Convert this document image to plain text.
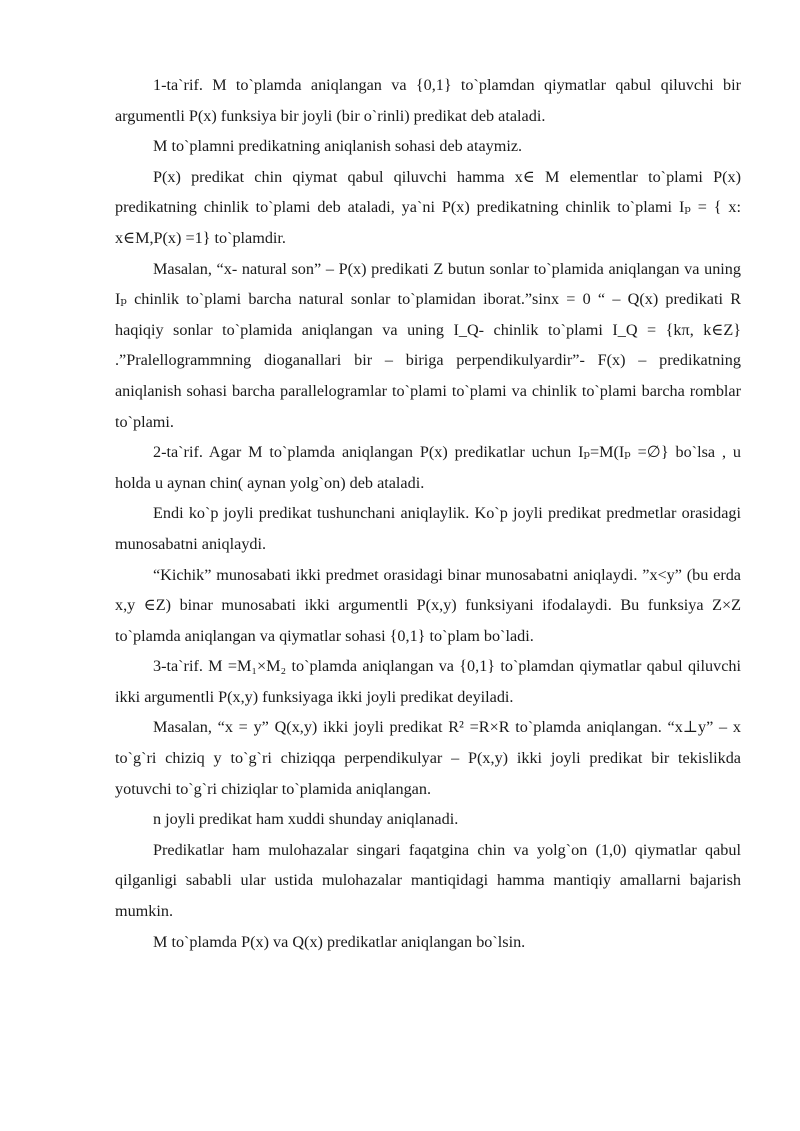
1-ta`rif. M to`plamda aniqlangan va {0,1} to`plamdan qiymatlar qabul qiluvchi bir argumentli P(x) funksiya bir joyli (bir o`rinli) predikat deb ataladi.

M to`plamni predikatning aniqlanish sohasi deb ataymiz.

P(x) predikat chin qiymat qabul qiluvchi hamma x∈ M elementlar to`plami P(x) predikatning chinlik to`plami deb ataladi, ya`ni P(x) predikatning chinlik to`plami Iₚ = { x: x∈M,P(x) =1} to`plamdir.

Masalan, “x- natural son” – P(x) predikati Z butun sonlar to`plamida aniqlangan va uning Iₚ chinlik to`plami barcha natural sonlar to`plamidan iborat.”sinx = 0 “ – Q(x) predikati R haqiqiy sonlar to`plamida aniqlangan va uning I_Q- chinlik to`plami I_Q = {kπ, k∈Z} .”Pralellogrammning dioganallari bir – biriga perpendikulyardir”- F(x) – predikatning aniqlanish sohasi barcha parallelogramlar to`plami to`plami va chinlik to`plami barcha romblar to`plami.

2-ta`rif. Agar M to`plamda aniqlangan P(x) predikatlar uchun Iₚ=M(Iₚ =∅} bo`lsa , u holda u aynan chin( aynan yolg`on) deb ataladi.

Endi ko`p joyli predikat tushunchani aniqlaylik. Ko`p joyli predikat predmetlar orasidagi munosabatni aniqlaydi.

“Kichik” munosabati ikki predmet orasidagi binar munosabatni aniqlaydi. ”x<y” (bu erda x,y ∈Z) binar munosabati ikki argumentli P(x,y) funksiyani ifodalaydi. Bu funksiya Z×Z to`plamda aniqlangan va qiymatlar sohasi {0,1} to`plam bo`ladi.

3-ta`rif. M =M₁×M₂ to`plamda aniqlangan va {0,1} to`plamdan qiymatlar qabul qiluvchi ikki argumentli P(x,y) funksiyaga ikki joyli predikat deyiladi.

Masalan, “x = y” Q(x,y) ikki joyli predikat R² =R×R to`plamda aniqlangan. “x⊥y” – x to`g`ri chiziq y to`g`ri chiziqqa perpendikulyar – P(x,y) ikki joyli predikat bir tekislikda yotuvchi to`g`ri chiziqlar to`plamida aniqlangan.

n joyli predikat ham xuddi shunday aniqlanadi.

Predikatlar ham mulohazalar singari faqatgina chin va yolg`on (1,0) qiymatlar qabul qilganligi sababli ular ustida mulohazalar mantiqidagi hamma mantiqiy amallarni bajarish mumkin.

M to`plamda P(x) va Q(x) predikatlar aniqlangan bo`lsin.
